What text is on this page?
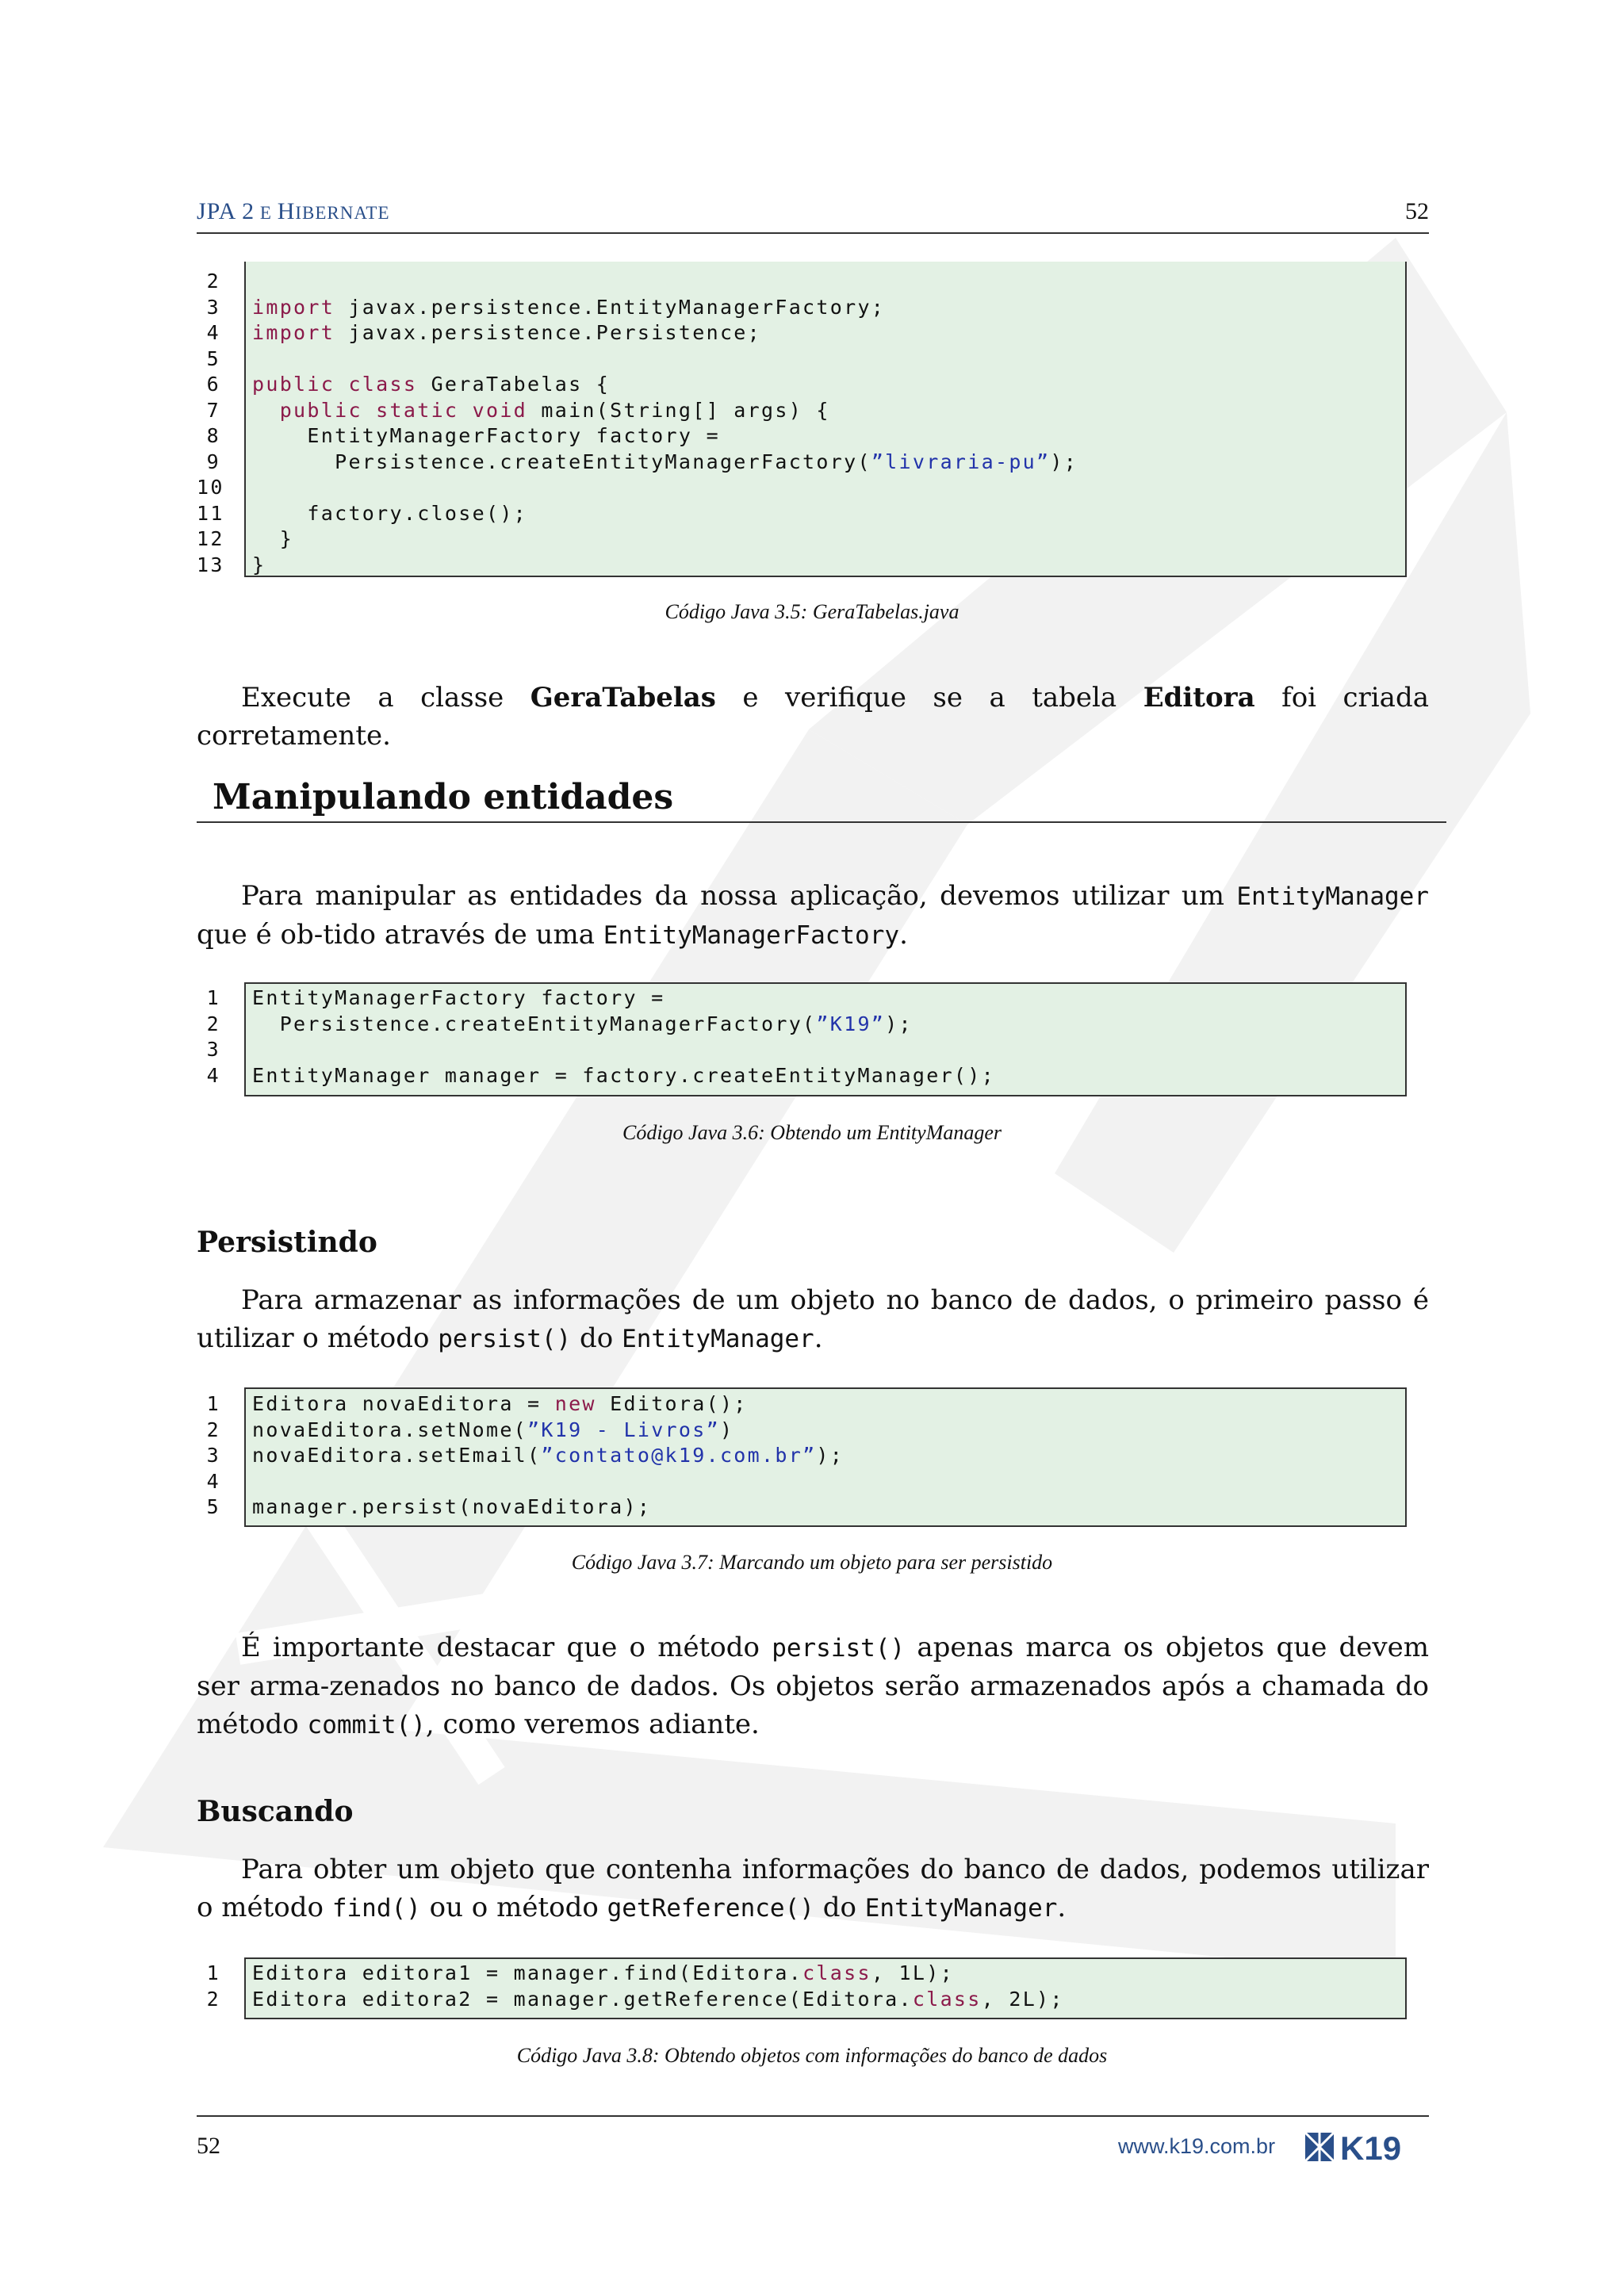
JPA 2 E HIBERNATE	52
2
3 import javax.persistence.EntityManagerFactory;
4 import javax.persistence.Persistence;
5
6 public class GeraTabelas {
7	public static void main(String[] args) {
8 EntityManagerFactory factory =
9 Persistence.createEntityManagerFactory(”livraria-pu”);
10
11 factory.close();
12 }
13 }
Código Java 3.5: GeraTabelas.java
Execute a classe GeraTabelas e verifique se a tabela Editora foi criada corretamente.
Manipulando entidades
Para manipular as entidades da nossa aplicação, devemos utilizar um EntityManager que é ob-tido através de uma EntityManagerFactory.
1 EntityManagerFactory factory =
2 Persistence.createEntityManagerFactory(”K19”);
3
4 EntityManager manager = factory.createEntityManager();
Código Java 3.6: Obtendo um EntityManager
Persistindo
Para armazenar as informações de um objeto no banco de dados, o primeiro passo é utilizar o método persist() do EntityManager.
1 Editora novaEditora = new Editora();
2 novaEditora.setNome(”K19 - Livros”)
3 novaEditora.setEmail(”contato@k19.com.br”);
4
5 manager.persist(novaEditora);
Código Java 3.7: Marcando um objeto para ser persistido
É importante destacar que o método persist() apenas marca os objetos que devem ser arma-zenados no banco de dados. Os objetos serão armazenados após a chamada do método commit(), como veremos adiante.
Buscando
Para obter um objeto que contenha informações do banco de dados, podemos utilizar o método find() ou o método getReference() do EntityManager.
1 Editora editora1 = manager.find(Editora.class, 1L);
2 Editora editora2 = manager.getReference(Editora.class, 2L);
Código Java 3.8: Obtendo objetos com informações do banco de dados
52	www.k19.com.br K19
